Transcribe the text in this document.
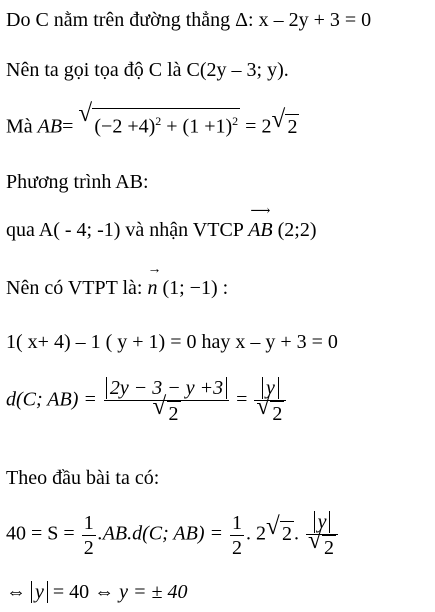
Do C nằm trên đường thẳng Δ: x – 2y + 3 = 0
Nên ta gọi tọa độ C là C(2y – 3; y).
Mà AB= √ $(-2 +4)^2 + (1 +1)^2 = 2$ √ 2
Phương trình AB:
qua A( - 4; -1) và nhận VTCP
⟶
AB (2;2)
Nên có VTPT là:
→
n (1; −1) :
1( x+ 4) – 1 ( y + 1) = 0 hay x – y + 3 = 0
d(C; $AB) = \frac{2y - 3 - y +3}{√ 2} = \frac{y}{√ 2}$
Theo đầu bài ta có:
$40 = S = \frac{1}{2} .AB.d(C$; $AB) = \frac{1}{2}$ . 2 √ 2 . $\frac{y}{√ 2}$
⇔ y = 40 ⇔ y = ± 40
